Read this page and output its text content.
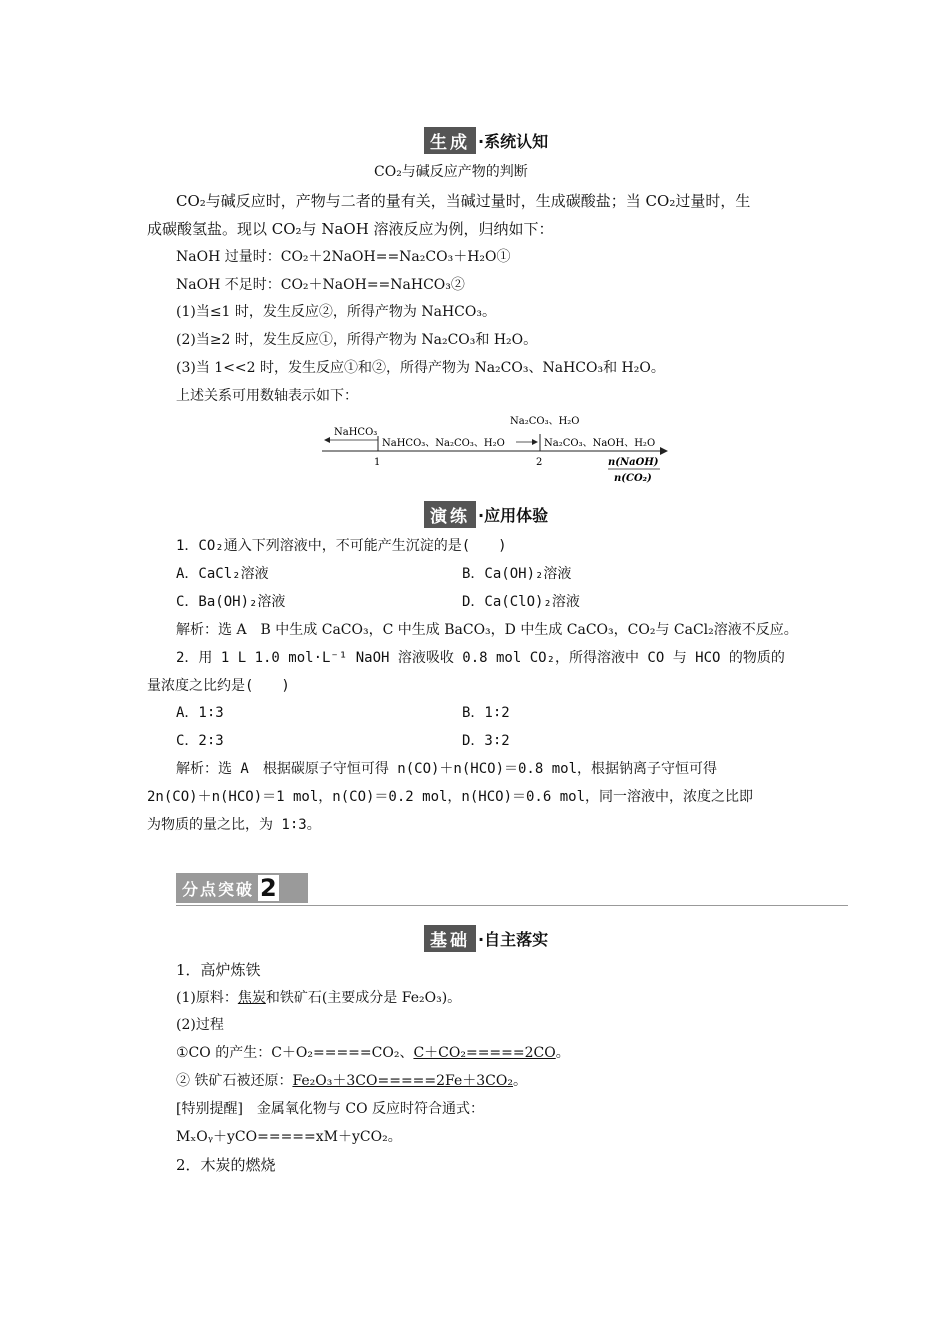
生成 ·系统认知
CO₂与碱反应产物的判断
CO₂与碱反应时，产物与二者的量有关，当碱过量时，生成碳酸盐；当 CO₂过量时，生
成碳酸氢盐。现以 CO₂与 NaOH 溶液反应为例，归纳如下：
NaOH 过量时：CO₂＋2NaOH==Na₂CO₃＋H₂O①
NaOH 不足时：CO₂＋NaOH==NaHCO₃②
(1)当≤1 时，发生反应②，所得产物为 NaHCO₃。
(2)当≥2 时，发生反应①，所得产物为 Na₂CO₃和 H₂O。
(3)当 1<<2 时，发生反应①和②，所得产物为 Na₂CO₃、NaHCO₃和 H₂O。
上述关系可用数轴表示如下：
NaHCO₃
NaHCO₃、Na₂CO₃、H₂O
Na₂CO₃、H₂O
Na₂CO₃、NaOH、H₂O
1	2	n(NaOH)
n(CO₂)
演练 ·应用体验
1．CO₂通入下列溶液中，不可能产生沉淀的是(　　)
A．CaCl₂溶液	B．Ca(OH)₂溶液
C．Ba(OH)₂溶液	D．Ca(ClO)₂溶液
解析：选 A　B 中生成 CaCO₃，C 中生成 BaCO₃，D 中生成 CaCO₃，CO₂与 CaCl₂溶液不反应。
2．用 1 L 1.0 mol·L⁻¹ NaOH 溶液吸收 0.8 mol CO₂，所得溶液中 CO 与 HCO 的物质的
量浓度之比约是(　　)
A．1∶3	B．1∶2
C．2∶3	D．3∶2
解析：选 A　根据碳原子守恒可得 n(CO)＋n(HCO)＝0.8 mol，根据钠离子守恒可得
2n(CO)＋n(HCO)＝1 mol，n(CO)＝0.2 mol，n(HCO)＝0.6 mol，同一溶液中，浓度之比即
为物质的量之比，为 1∶3。
分点突破 2
基础 ·自主落实
1．高炉炼铁
(1)原料：焦炭和铁矿石(主要成分是 Fe₂O₃)。
(2)过程
①CO 的产生：C＋O₂=====CO₂、C＋CO₂=====2CO。
② 铁矿石被还原：Fe₂O₃＋3CO=====2Fe＋3CO₂。
[特别提醒]　金属氧化物与 CO 反应时符合通式：
MₓOᵧ＋yCO=====xM＋yCO₂。
2．木炭的燃烧
